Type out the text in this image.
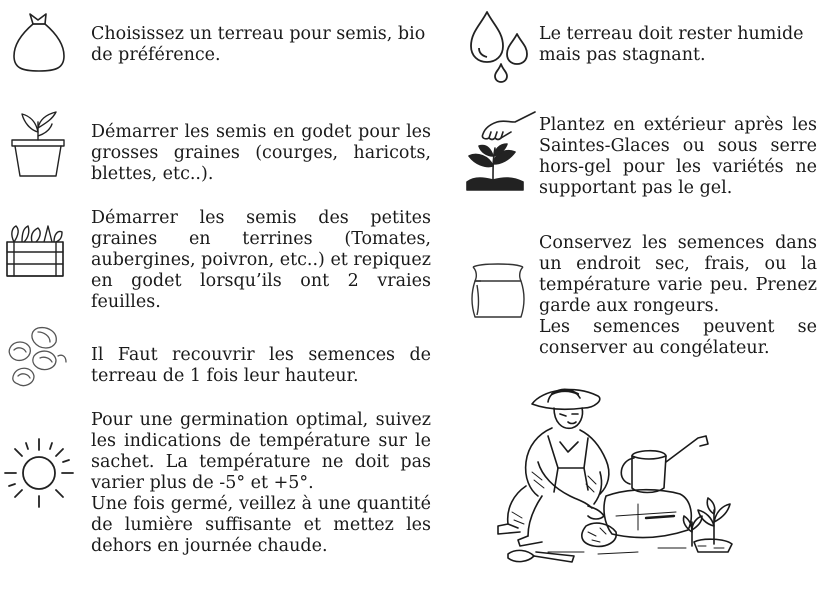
Choisissez un terreau pour semis, bio de préférence.

Démarrer les semis en godet pour les grosses graines (courges, haricots, blettes, etc..).

Démarrer les semis des petites graines en terrines (Tomates, aubergines, poivron, etc..) et repiquez en godet lorsqu’ils ont 2 vraies feuilles.

Il Faut recouvrir les semences de terreau de 1 fois leur hauteur.

Pour une germination optimal, suivez les indications de température sur le sachet. La température ne doit pas varier plus de -5° et +5°.

Une fois germé, veillez à une quantité de lumière suffisante et mettez les dehors en journée chaude.

Le terreau doit rester humide mais pas stagnant.

Plantez en extérieur après les Saintes-Glaces ou sous serre hors-gel pour les variétés ne supportant pas le gel.

Conservez les semences dans un endroit sec, frais, ou la température varie peu. Prenez garde aux rongeurs.

Les semences peuvent se conserver au congélateur.
